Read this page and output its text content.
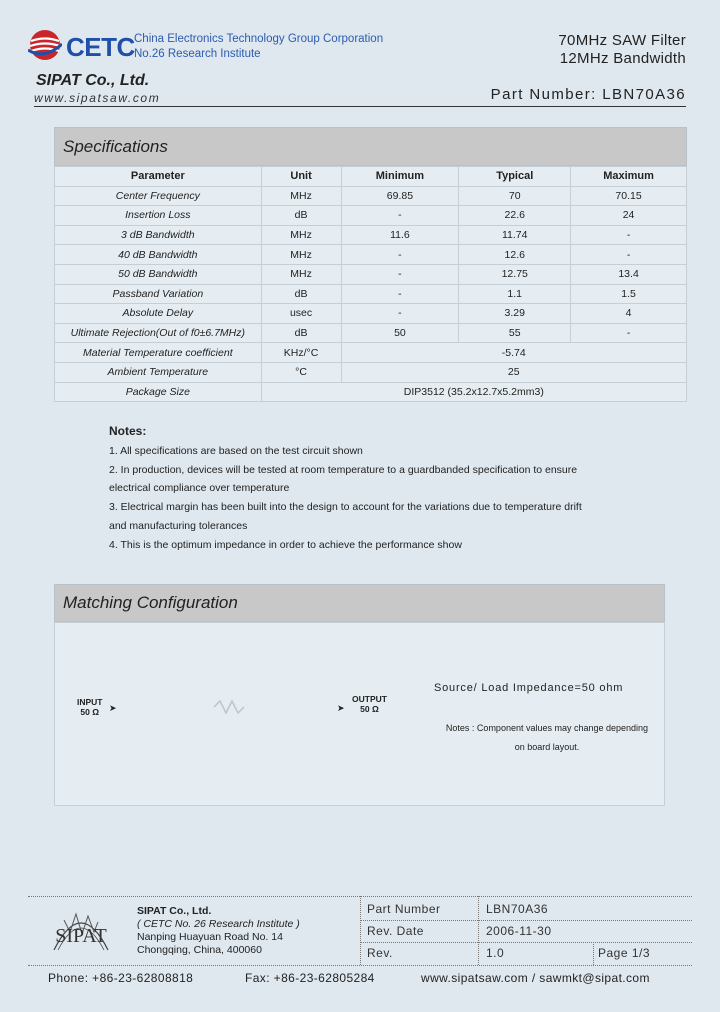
CETC China Electronics Technology Group Corporation
No.26 Research Institute
70MHz SAW Filter
12MHz Bandwidth
SIPAT Co., Ltd.
www.sipatsaw.com	Part Number: LBN70A36
Specifications
Parameter	Unit	Minimum	Typical	Maximum
Center Frequency	MHz	69.85	70	70.15
Insertion Loss	dB	-	22.6	24
3 dB Bandwidth	MHz	11.6	11.74	-
40 dB Bandwidth	MHz	-	12.6	-
50 dB Bandwidth	MHz	-	12.75	13.4
Passband Variation	dB	-	1.1	1.5
Absolute Delay	usec	-	3.29	4
Ultimate Rejection(Out of f0±6.7MHz)	dB	50	55	-
Material Temperature coefficient	KHz/°C	-5.74		
Ambient Temperature	°C	25		
Package Size	DIP3512 (35.2x12.7x5.2mm3)			
Notes:
1. All specifications are based on the test circuit shown
2. In production, devices will be tested at room temperature to a guardbanded specification to ensure
electrical compliance over temperature
3. Electrical margin has been built into the design to account for the variations due to temperature drift
and manufacturing tolerances
4. This is the optimum impedance in order to achieve the performance show
Matching Configuration
INPUT
50 Ω	➤	➤
OUTPUT
50 Ω
Source/ Load Impedance=50 ohm
Notes : Component values may change depending
on board layout.
SIPAT
SIPAT Co., Ltd.
( CETC No. 26 Research Institute )
Nanping Huayuan Road No. 14
Chongqing, China, 400060
Part Number	LBN70A36
Rev. Date	2006-11-30
Rev.	1.0	Page 1/3
Phone: +86-23-62808818	Fax: +86-23-62805284	www.sipatsaw.com / sawmkt@sipat.com
